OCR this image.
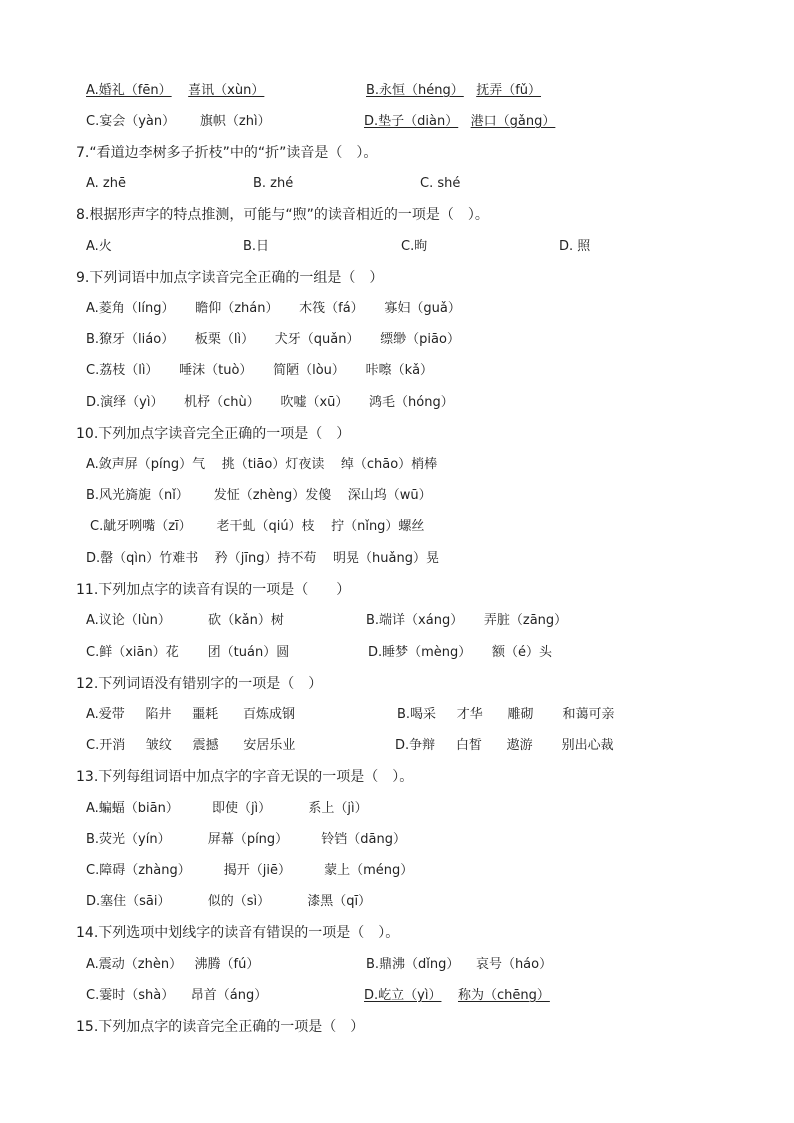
A.婚礼（fēn） 喜讯（xùn）	B.永恒（héng） 抚弄（fǔ）
C.宴会（yàn） 旗帜（zhì）	D.垫子（diàn） 港口（gǎng）
7.“看道边李树多子折枝”中的“折”读音是（　）。
A. zhē	B. zhé	C. shé
8.根据形声字的特点推测，可能与“煦”的读音相近的一项是（　）。
A.火	B.日	C.昫	D. 照
9.下列词语中加点字读音完全正确的一组是（　）
A.菱角（líng） 瞻仰（zhán） 木筏（fá） 寡妇（guǎ）
B.獠牙（liáo） 板栗（lì） 犬牙（quǎn） 缥缈（piāo）
C.荔枝（lì） 唾沫（tuò） 简陋（lòu） 咔嚓（kǎ）
D.演绎（yì） 机杼（chù） 吹嘘（xū） 鸿毛（hóng）
10.下列加点字读音完全正确的一项是（　）
A.敛声屏（píng）气 挑（tiāo）灯夜读 绰（chāo）梢棒
B.风光旖旎（nǐ） 发怔（zhèng）发傻 深山坞（wū）
C.龇牙咧嘴（zī） 老干虬（qiú）枝 拧（nǐng）螺丝
D.罄（qìn）竹难书 矜（jīng）持不苟 明晃（huǎng）晃
11.下列加点字的读音有误的一项是（　　）
A.议论（lùn）	砍（kǎn）树	B.端详（xáng） 弄脏（zāng）
C.鲜（xiān）花 团（tuán）圆	D.睡梦（mèng） 额（é）头
12.下列词语没有错别字的一项是（　）
A.爱带 陷井 噩耗 百炼成钢	B.喝采 才华 雕砌 和蔼可亲
C.开消 皱纹 震撼 安居乐业	D.争辩 白皙 遨游 别出心裁
13.下列每组词语中加点字的字音无误的一项是（　）。
A.蝙蝠（biān）	即使（jì）	系上（jì）
B.荧光（yín）	屏幕（píng）	铃铛（dāng）
C.障碍（zhàng）	揭开（jiē）	蒙上（méng）
D.塞住（sāi）	似的（sì）	漆黑（qī）
14.下列选项中划线字的读音有错误的一项是（　）。
A.震动（zhèn） 沸腾（fú）	B.鼎沸（dǐng） 哀号（háo）
C.霎时（shà） 昂首（áng）	D.屹立（yì） 称为（chēng）
15.下列加点字的读音完全正确的一项是（　）
